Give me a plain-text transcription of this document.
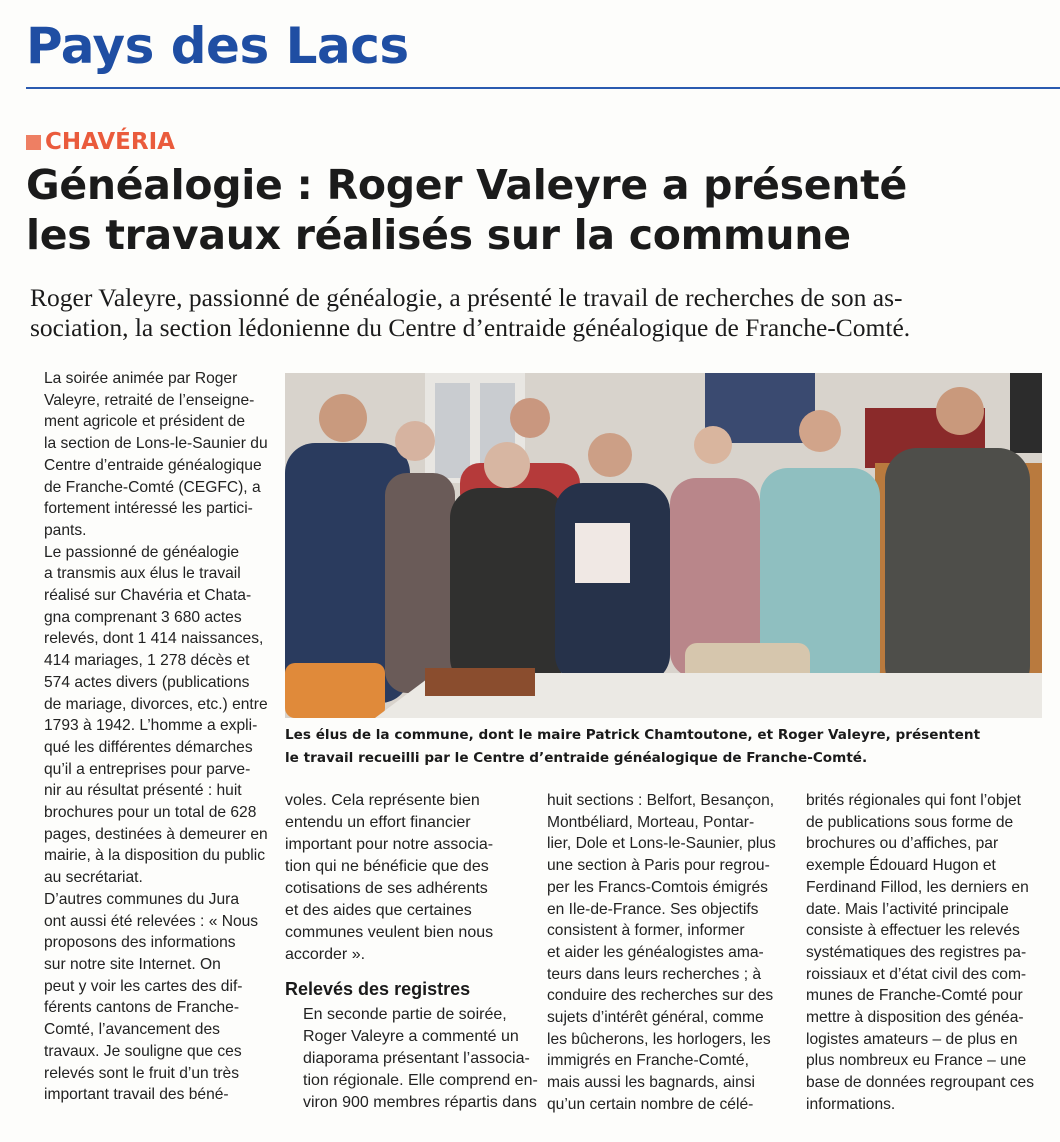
Pays des Lacs
CHAVÉRIA
Généalogie : Roger Valeyre a présenté
les travaux réalisés sur la commune

Roger Valeyre, passionné de généalogie, a présenté le travail de recherches de son as-
sociation, la section lédonienne du Centre d’entraide généalogique de Franche-Comté.

La soirée animée par Roger
Valeyre, retraité de l’enseigne-
ment agricole et président de
la section de Lons-le-Saunier du
Centre d’entraide généalogique
de Franche-Comté (CEGFC), a
fortement intéressé les partici-
pants.

Le passionné de généalogie
a transmis aux élus le travail
réalisé sur Chavéria et Chata-
gna comprenant 3 680 actes
relevés, dont 1 414 naissances,
414 mariages, 1 278 décès et
574 actes divers (publications
de mariage, divorces, etc.) entre
1793 à 1942. L’homme a expli-
qué les différentes démarches
qu’il a entreprises pour parve-
nir au résultat présenté : huit
brochures pour un total de 628
pages, destinées à demeurer en
mairie, à la disposition du public
au secrétariat.

D’autres communes du Jura
ont aussi été relevées : « Nous
proposons des informations
sur notre site Internet. On
peut y voir les cartes des dif-
férents cantons de Franche-
Comté, l’avancement des
travaux. Je souligne que ces
relevés sont le fruit d’un très
important travail des béné-

Les élus de la commune, dont le maire Patrick Chamtoutone, et Roger Valeyre, présentent
le travail recueilli par le Centre d’entraide généalogique de Franche-Comté.

voles. Cela représente bien
entendu un effort financier
important pour notre associa-
tion qui ne bénéficie que des
cotisations de ses adhérents
et des aides que certaines
communes veulent bien nous
accorder ».

Relevés des registres

En seconde partie de soirée,
Roger Valeyre a commenté un
diaporama présentant l’associa-
tion régionale. Elle comprend en-
viron 900 membres répartis dans

huit sections : Belfort, Besançon,
Montbéliard, Morteau, Pontar-
lier, Dole et Lons-le-Saunier, plus
une section à Paris pour regrou-
per les Francs-Comtois émigrés
en Ile-de-France. Ses objectifs
consistent à former, informer
et aider les généalogistes ama-
teurs dans leurs recherches ; à
conduire des recherches sur des
sujets d’intérêt général, comme
les bûcherons, les horlogers, les
immigrés en Franche-Comté,
mais aussi les bagnards, ainsi
qu’un certain nombre de célé-

brités régionales qui font l’objet
de publications sous forme de
brochures ou d’affiches, par
exemple Édouard Hugon et
Ferdinand Fillod, les derniers en
date. Mais l’activité principale
consiste à effectuer les relevés
systématiques des registres pa-
roissiaux et d’état civil des com-
munes de Franche-Comté pour
mettre à disposition des généa-
logistes amateurs – de plus en
plus nombreux eu France – une
base de données regroupant ces
informations.
